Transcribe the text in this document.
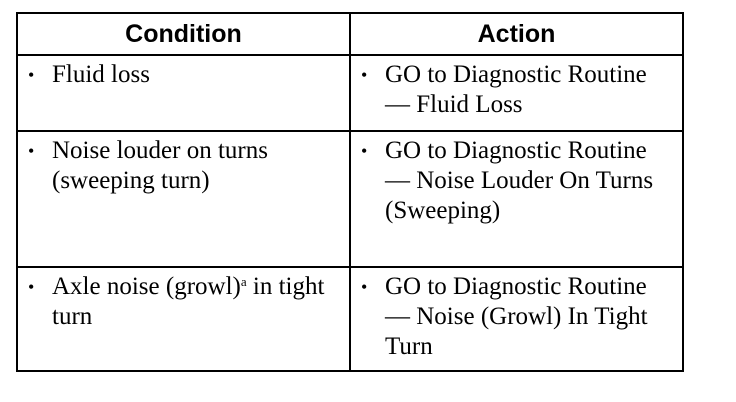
Condition	Action

• Fluid loss	• GO to Diagnostic Routine — Fluid Loss

• Noise louder on turns (sweeping turn)	• GO to Diagnostic Routine — Noise Louder On Turns (Sweeping)

• Axle noise (growl)$^a$ in tight turn	• GO to Diagnostic Routine — Noise (Growl) In Tight Turn
